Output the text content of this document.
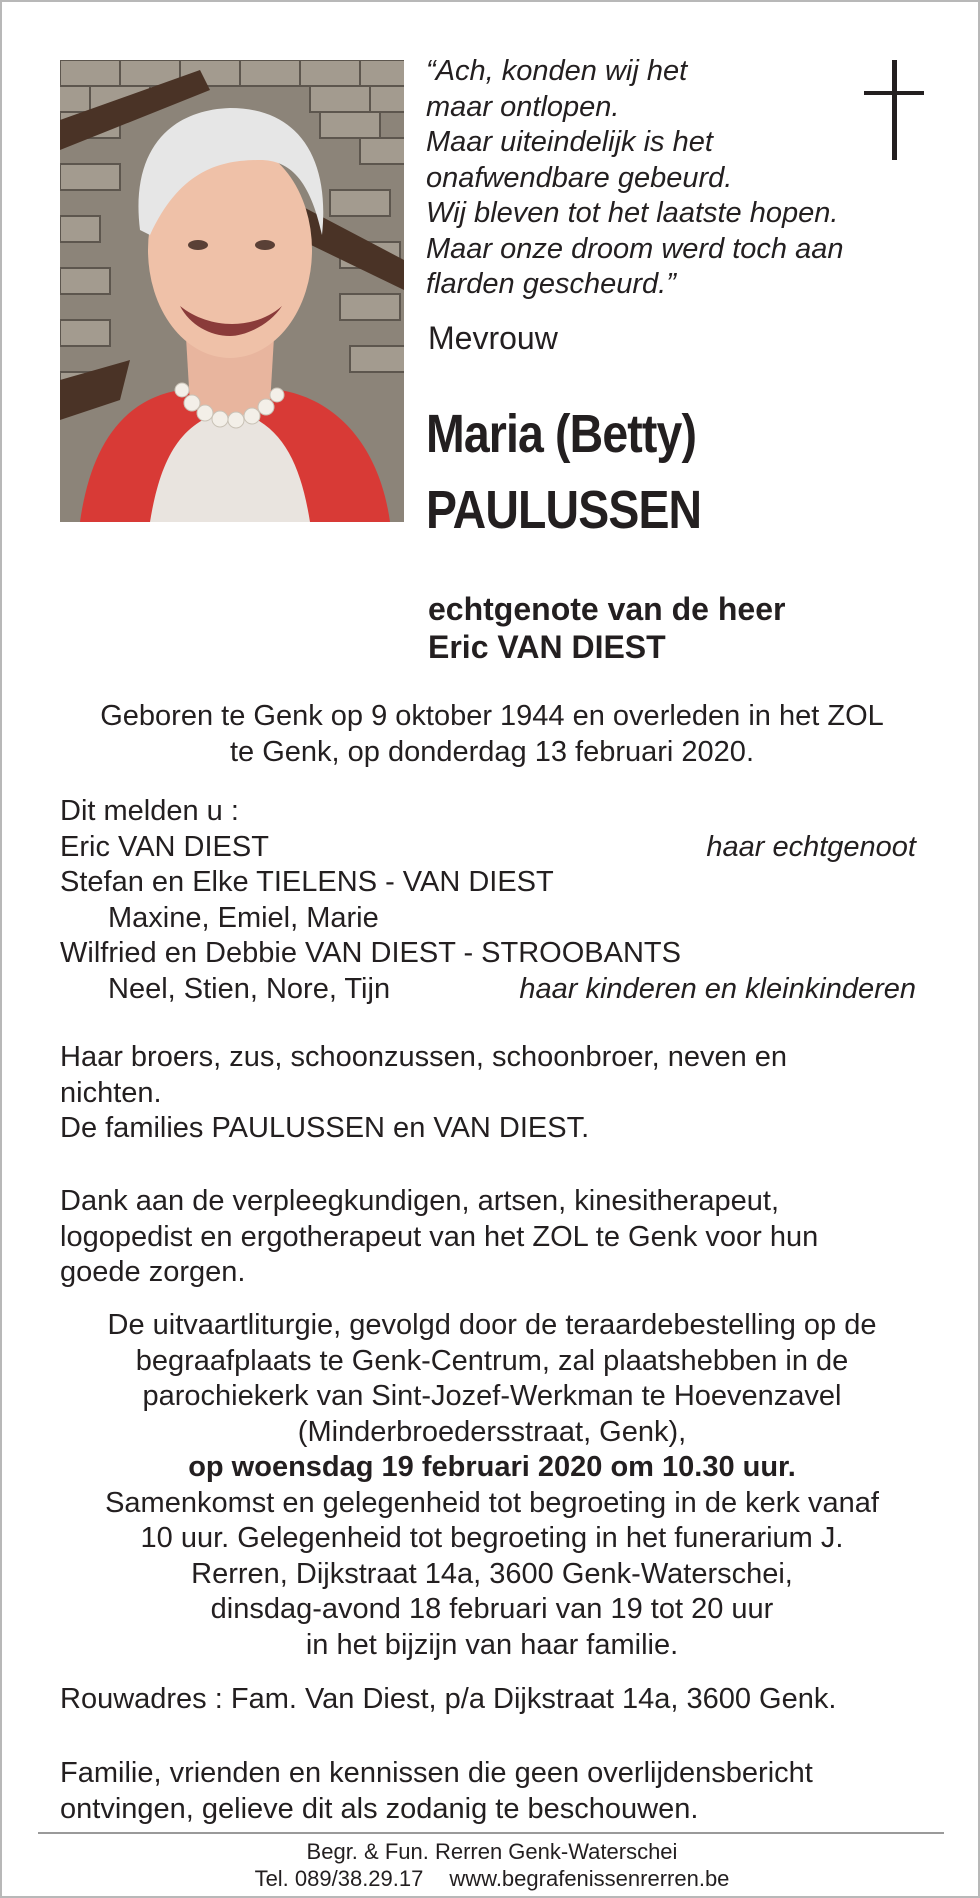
“Ach, konden wij het
maar ontlopen.
Maar uiteindelijk is het
onafwendbare gebeurd.
Wij bleven tot het laatste hopen.
Maar onze droom werd toch aan
flarden gescheurd.”
Mevrouw
Maria (Betty)
PAULUSSEN
echtgenote van de heer
Eric VAN DIEST
Geboren te Genk op 9 oktober 1944 en overleden in het ZOL
te Genk, op donderdag 13 februari 2020.
Dit melden u :
Eric VAN DIEST	haar echtgenoot
Stefan en Elke TIELENS - VAN DIEST
Maxine, Emiel, Marie
Wilfried en Debbie VAN DIEST - STROOBANTS
Neel, Stien, Nore, Tijn	haar kinderen en kleinkinderen
Haar broers, zus, schoonzussen, schoonbroer, neven en
nichten.
De families PAULUSSEN en VAN DIEST.
Dank aan de verpleegkundigen, artsen, kinesitherapeut,
logopedist en ergotherapeut van het ZOL te Genk voor hun
goede zorgen.
De uitvaartliturgie, gevolgd door de teraardebestelling op de
begraafplaats te Genk-Centrum, zal plaatshebben in de
parochiekerk van Sint-Jozef-Werkman te Hoevenzavel
(Minderbroedersstraat, Genk),
op woensdag 19 februari 2020 om 10.30 uur.
Samenkomst en gelegenheid tot begroeting in de kerk vanaf
10 uur. Gelegenheid tot begroeting in het funerarium J.
Rerren, Dijkstraat 14a, 3600 Genk-Waterschei,
dinsdag-avond 18 februari van 19 tot 20 uur
in het bijzijn van haar familie.
Rouwadres : Fam. Van Diest, p/a Dijkstraat 14a, 3600 Genk.
Familie, vrienden en kennissen die geen overlijdensbericht
ontvingen, gelieve dit als zodanig te beschouwen.
Begr. & Fun. Rerren Genk-Waterschei
Tel. 089/38.29.17 www.begrafenissenrerren.be
